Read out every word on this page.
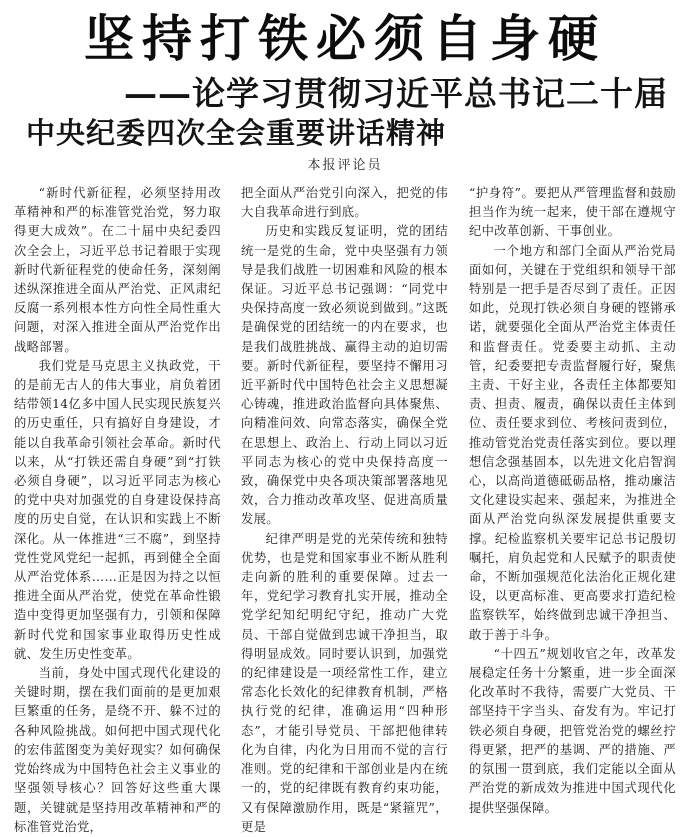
坚持打铁必须自身硬
——论学习贯彻习近平总书记二十届
中央纪委四次全会重要讲话精神
本报评论员

“新时代新征程，必须坚持用改革精神和严的标准管党治党，努力取得更大成效”。在二十届中央纪委四次全会上，习近平总书记着眼于实现新时代新征程党的使命任务，深刻阐述纵深推进全面从严治党、正风肃纪反腐一系列根本性方向性全局性重大问题，对深入推进全面从严治党作出战略部署。

我们党是马克思主义执政党，干的是前无古人的伟大事业，肩负着团结带领14亿多中国人民实现民族复兴的历史重任，只有搞好自身建设，才能以自我革命引领社会革命。新时代以来，从“打铁还需自身硬”到“打铁必须自身硬”，以习近平同志为核心的党中央对加强党的自身建设保持高度的历史自觉，在认识和实践上不断深化。从一体推进“三不腐”，到坚持党性党风党纪一起抓，再到健全全面从严治党体系……正是因为持之以恒推进全面从严治党，使党在革命性锻造中变得更加坚强有力，引领和保障新时代党和国家事业取得历史性成就、发生历史性变革。

当前，身处中国式现代化建设的关键时期，摆在我们面前的是更加艰巨繁重的任务，是绕不开、躲不过的各种风险挑战。如何把中国式现代化的宏伟蓝图变为美好现实？如何确保党始终成为中国特色社会主义事业的坚强领导核心？回答好这些重大课题，关键就是坚持用改革精神和严的标准管党治党，

把全面从严治党引向深入，把党的伟大自我革命进行到底。

历史和实践反复证明，党的团结统一是党的生命，党中央坚强有力领导是我们战胜一切困难和风险的根本保证。习近平总书记强调：“同党中央保持高度一致必须说到做到。”这既是确保党的团结统一的内在要求，也是我们战胜挑战、赢得主动的迫切需要。新时代新征程，要坚持不懈用习近平新时代中国特色社会主义思想凝心铸魂，推进政治监督向具体聚焦、向精准问效、向常态落实，确保全党在思想上、政治上、行动上同以习近平同志为核心的党中央保持高度一致，确保党中央各项决策部署落地见效，合力推动改革攻坚、促进高质量发展。

纪律严明是党的光荣传统和独特优势，也是党和国家事业不断从胜利走向新的胜利的重要保障。过去一年，党纪学习教育扎实开展，推动全党学纪知纪明纪守纪，推动广大党员、干部自觉做到忠诚干净担当，取得明显成效。同时要认识到，加强党的纪律建设是一项经常性工作，建立常态化长效化的纪律教育机制，严格执行党的纪律，准确运用“四种形态”，才能引导党员、干部把他律转化为自律，内化为日用而不觉的言行准则。党的纪律和干部创业是内在统一的，党的纪律既有教育约束功能，又有保障激励作用，既是“紧箍咒”，更是

“护身符”。要把从严管理监督和鼓励担当作为统一起来，使干部在遵规守纪中改革创新、干事创业。

一个地方和部门全面从严治党局面如何，关键在于党组织和领导干部特别是一把手是否尽到了责任。正因如此，兑现打铁必须自身硬的铿锵承诺，就要强化全面从严治党主体责任和监督责任。党委要主动抓、主动管，纪委要把专责监督履行好，聚焦主责、干好主业，各责任主体都要知责、担责、履责，确保以责任主体到位、责任要求到位、考核问责到位，推动管党治党责任落实到位。要以理想信念强基固本，以先进文化启智润心，以高尚道德砥砺品格，推动廉洁文化建设实起来、强起来，为推进全面从严治党向纵深发展提供重要支撑。纪检监察机关要牢记总书记殷切嘱托，肩负起党和人民赋予的职责使命，不断加强规范化法治化正规化建设，以更高标准、更高要求打造纪检监察铁军，始终做到忠诚干净担当、敢于善于斗争。

“十四五”规划收官之年，改革发展稳定任务十分繁重，进一步全面深化改革时不我待，需要广大党员、干部坚持干字当头、奋发有为。牢记打铁必须自身硬，把管党治党的螺丝拧得更紧，把严的基调、严的措施、严的氛围一贯到底，我们定能以全面从严治党的新成效为推进中国式现代化提供坚强保障。
